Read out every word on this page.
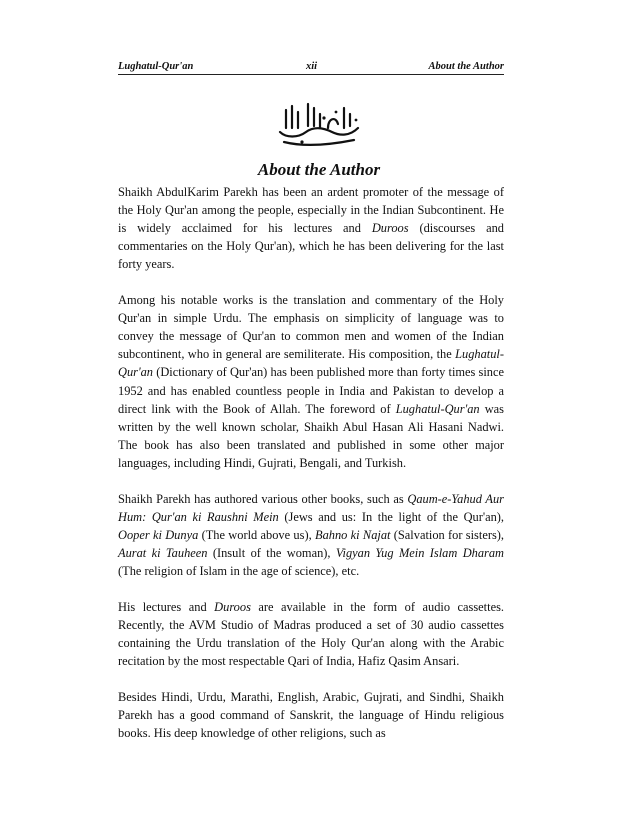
Lughatul-Qur'an	xii	About the Author
About the Author

Shaikh AbdulKarim Parekh has been an ardent promoter of the message of the Holy Qur'an among the people, especially in the Indian Subcontinent. He is widely acclaimed for his lectures and Duroos (discourses and commentaries on the Holy Qur'an), which he has been delivering for the last forty years.

Among his notable works is the translation and commentary of the Holy Qur'an in simple Urdu. The emphasis on simplicity of language was to convey the message of Qur'an to common men and women of the Indian subcontinent, who in general are semiliterate. His composition, the Lughatul-Qur'an (Dictionary of Qur'an) has been published more than forty times since 1952 and has enabled countless people in India and Pakistan to develop a direct link with the Book of Allah. The foreword of Lughatul-Qur'an was written by the well known scholar, Shaikh Abul Hasan Ali Hasani Nadwi. The book has also been translated and published in some other major languages, including Hindi, Gujrati, Bengali, and Turkish.

Shaikh Parekh has authored various other books, such as Qaum-e-Yahud Aur Hum: Qur'an ki Raushni Mein (Jews and us: In the light of the Qur'an), Ooper ki Dunya (The world above us), Bahno ki Najat (Salvation for sisters), Aurat ki Tauheen (Insult of the woman), Vigyan Yug Mein Islam Dharam (The religion of Islam in the age of science), etc.

His lectures and Duroos are available in the form of audio cassettes. Recently, the AVM Studio of Madras produced a set of 30 audio cassettes containing the Urdu translation of the Holy Qur'an along with the Arabic recitation by the most respectable Qari of India, Hafiz Qasim Ansari.

Besides Hindi, Urdu, Marathi, English, Arabic, Gujrati, and Sindhi, Shaikh Parekh has a good command of Sanskrit, the language of Hindu religious books. His deep knowledge of other religions, such as
